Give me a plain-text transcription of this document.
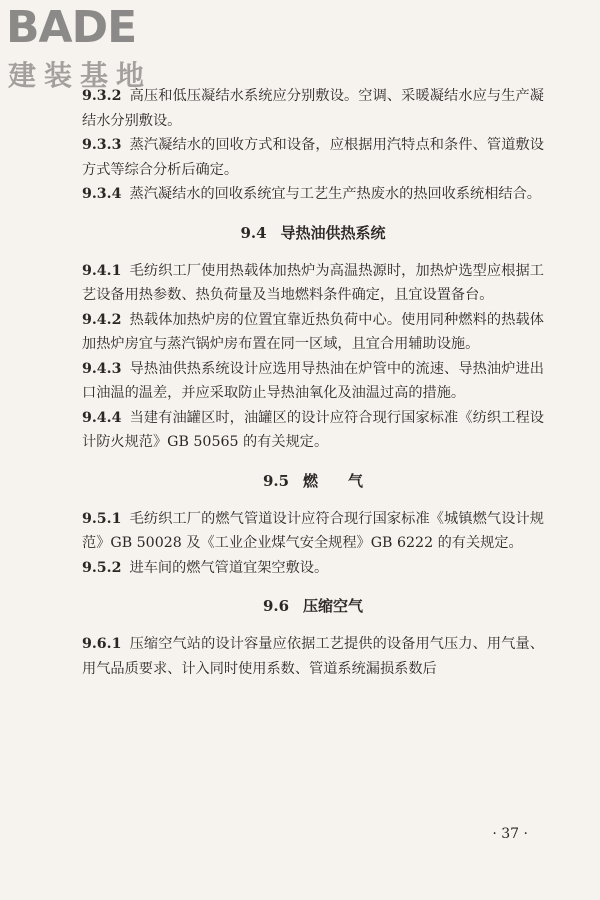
BADE
建装基地

9.3.2 高压和低压凝结水系统应分别敷设。空调、采暖凝结水应与生产凝结水分别敷设。

9.3.3 蒸汽凝结水的回收方式和设备，应根据用汽特点和条件、管道敷设方式等综合分析后确定。

9.3.4 蒸汽凝结水的回收系统宜与工艺生产热废水的热回收系统相结合。

9.4 导热油供热系统

9.4.1 毛纺织工厂使用热载体加热炉为高温热源时，加热炉选型应根据工艺设备用热参数、热负荷量及当地燃料条件确定，且宜设置备台。

9.4.2 热载体加热炉房的位置宜靠近热负荷中心。使用同种燃料的热载体加热炉房宜与蒸汽锅炉房布置在同一区域，且宜合用辅助设施。

9.4.3 导热油供热系统设计应选用导热油在炉管中的流速、导热油炉进出口油温的温差，并应采取防止导热油氧化及油温过高的措施。

9.4.4 当建有油罐区时，油罐区的设计应符合现行国家标准《纺织工程设计防火规范》GB 50565 的有关规定。

9.5 燃　　气

9.5.1 毛纺织工厂的燃气管道设计应符合现行国家标准《城镇燃气设计规范》GB 50028 及《工业企业煤气安全规程》GB 6222 的有关规定。

9.5.2 进车间的燃气管道宜架空敷设。

9.6 压缩空气

9.6.1 压缩空气站的设计容量应依据工艺提供的设备用气压力、用气量、用气品质要求、计入同时使用系数、管道系统漏损系数后

· 37 ·
